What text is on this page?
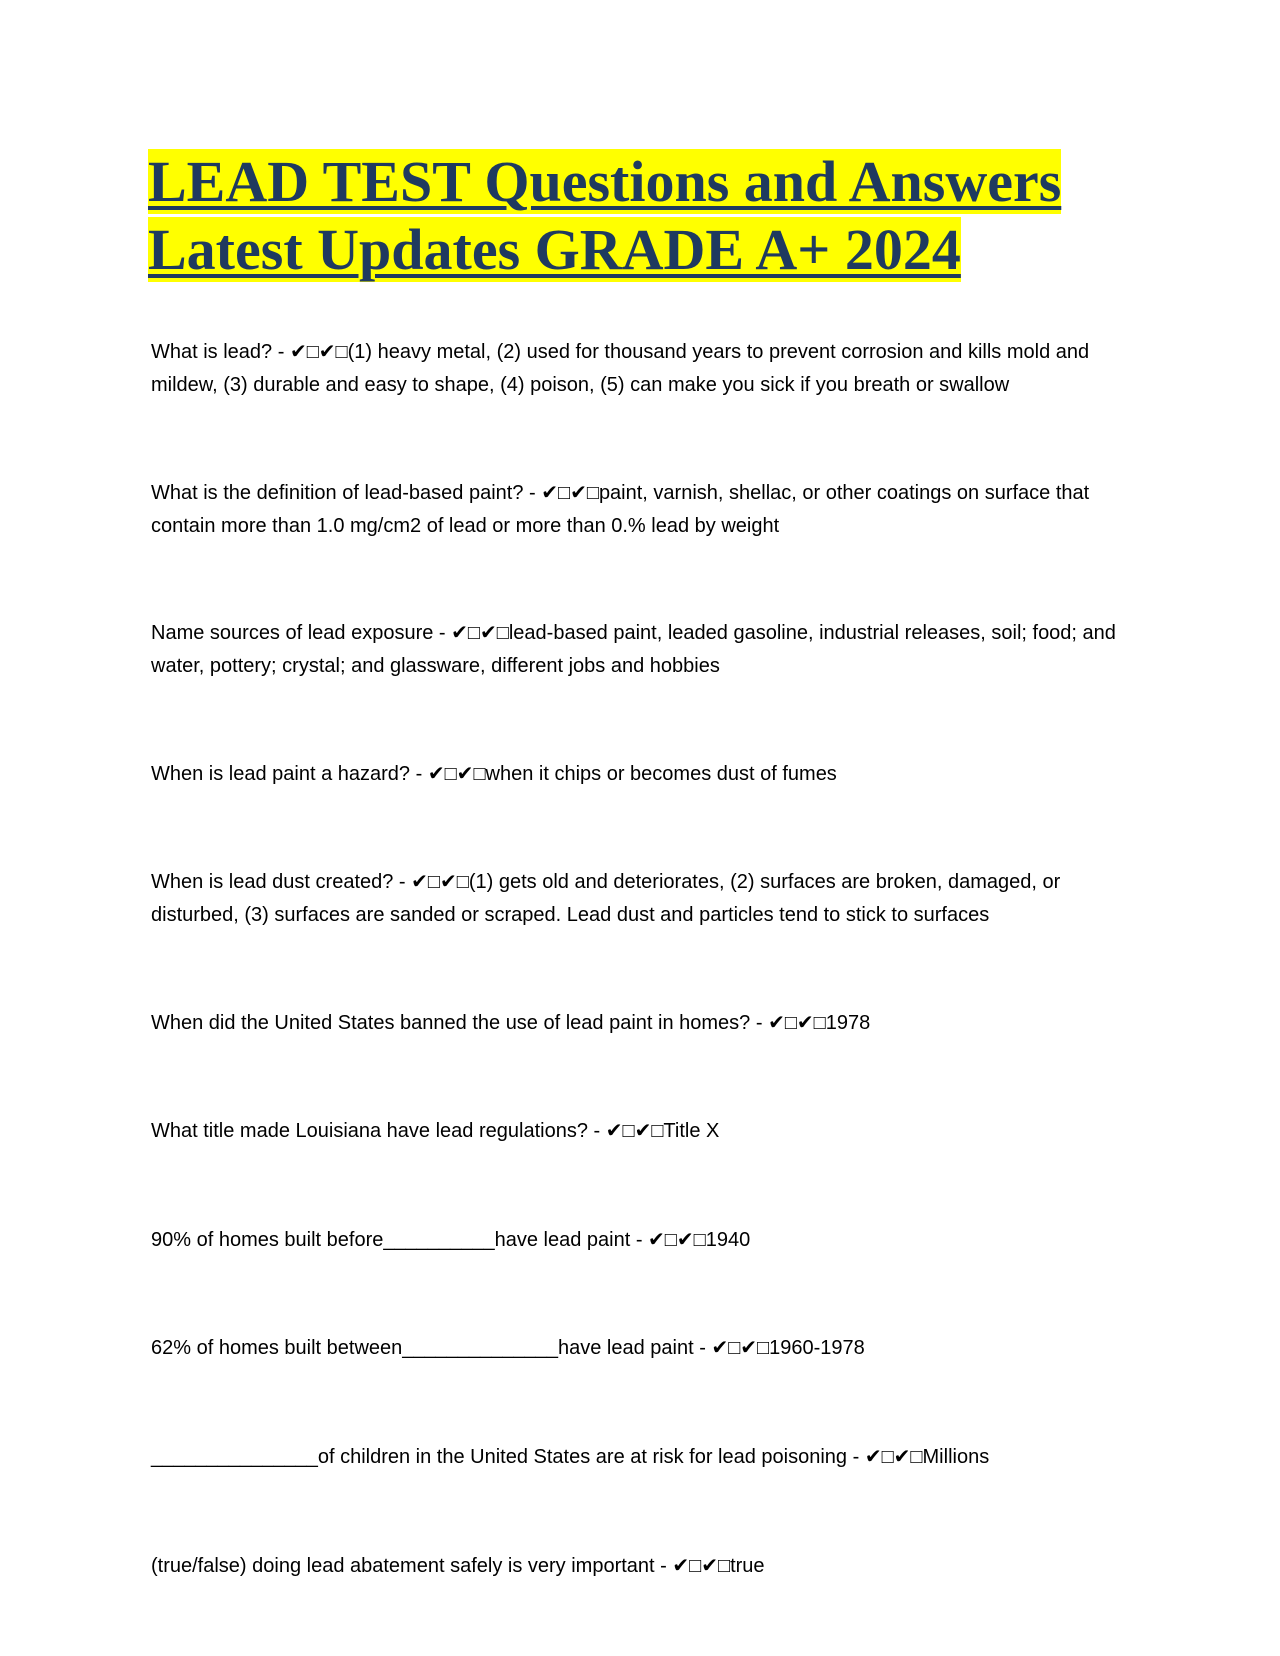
LEAD TEST Questions and Answers Latest Updates GRADE A+ 2024

What is lead? - ✔□✔□(1) heavy metal, (2) used for thousand years to prevent corrosion and kills mold and mildew, (3) durable and easy to shape, (4) poison, (5) can make you sick if you breath or swallow

What is the definition of lead-based paint? - ✔□✔□paint, varnish, shellac, or other coatings on surface that contain more than 1.0 mg/cm2 of lead or more than 0.% lead by weight

Name sources of lead exposure - ✔□✔□lead-based paint, leaded gasoline, industrial releases, soil; food; and water, pottery; crystal; and glassware, different jobs and hobbies

When is lead paint a hazard? - ✔□✔□when it chips or becomes dust of fumes

When is lead dust created? - ✔□✔□(1) gets old and deteriorates, (2) surfaces are broken, damaged, or disturbed, (3) surfaces are sanded or scraped. Lead dust and particles tend to stick to surfaces

When did the United States banned the use of lead paint in homes? - ✔□✔□1978

What title made Louisiana have lead regulations? - ✔□✔□Title X

90% of homes built before__________have lead paint - ✔□✔□1940

62% of homes built between______________have lead paint - ✔□✔□1960-1978

_______________of children in the United States are at risk for lead poisoning - ✔□✔□Millions

(true/false) doing lead abatement safely is very important - ✔□✔□true
